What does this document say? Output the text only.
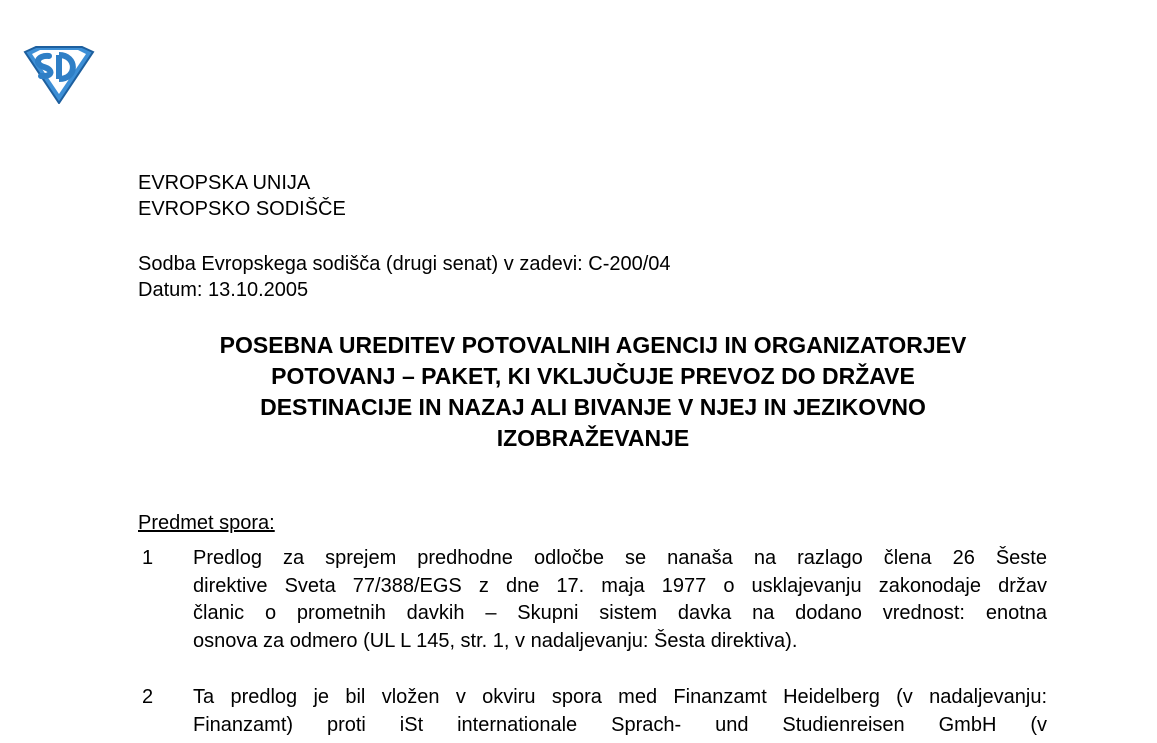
EVROPSKA UNIJA
EVROPSKO SODIŠČE
Sodba Evropskega sodišča (drugi senat) v zadevi: C-200/04
Datum: 13.10.2005
POSEBNA UREDITEV POTOVALNIH AGENCIJ IN ORGANIZATORJEV
POTOVANJ – PAKET, KI VKLJUČUJE PREVOZ DO DRŽAVE
DESTINACIJE IN NAZAJ ALI BIVANJE V NJEJ IN JEZIKOVNO
IZOBRAŽEVANJE
Predmet spora:
1 Predlog za sprejem predhodne odločbe se nanaša na razlago člena 26 Šeste
direktive Sveta 77/388/EGS z dne 17. maja 1977 o usklajevanju zakonodaje držav
članic o prometnih davkih – Skupni sistem davka na dodano vrednost: enotna
osnova za odmero (UL L 145, str. 1, v nadaljevanju: Šesta direktiva).
2 Ta predlog je bil vložen v okviru spora med Finanzamt Heidelberg (v nadaljevanju:
Finanzamt) proti iSt internationale Sprach- und Studienreisen GmbH (v
